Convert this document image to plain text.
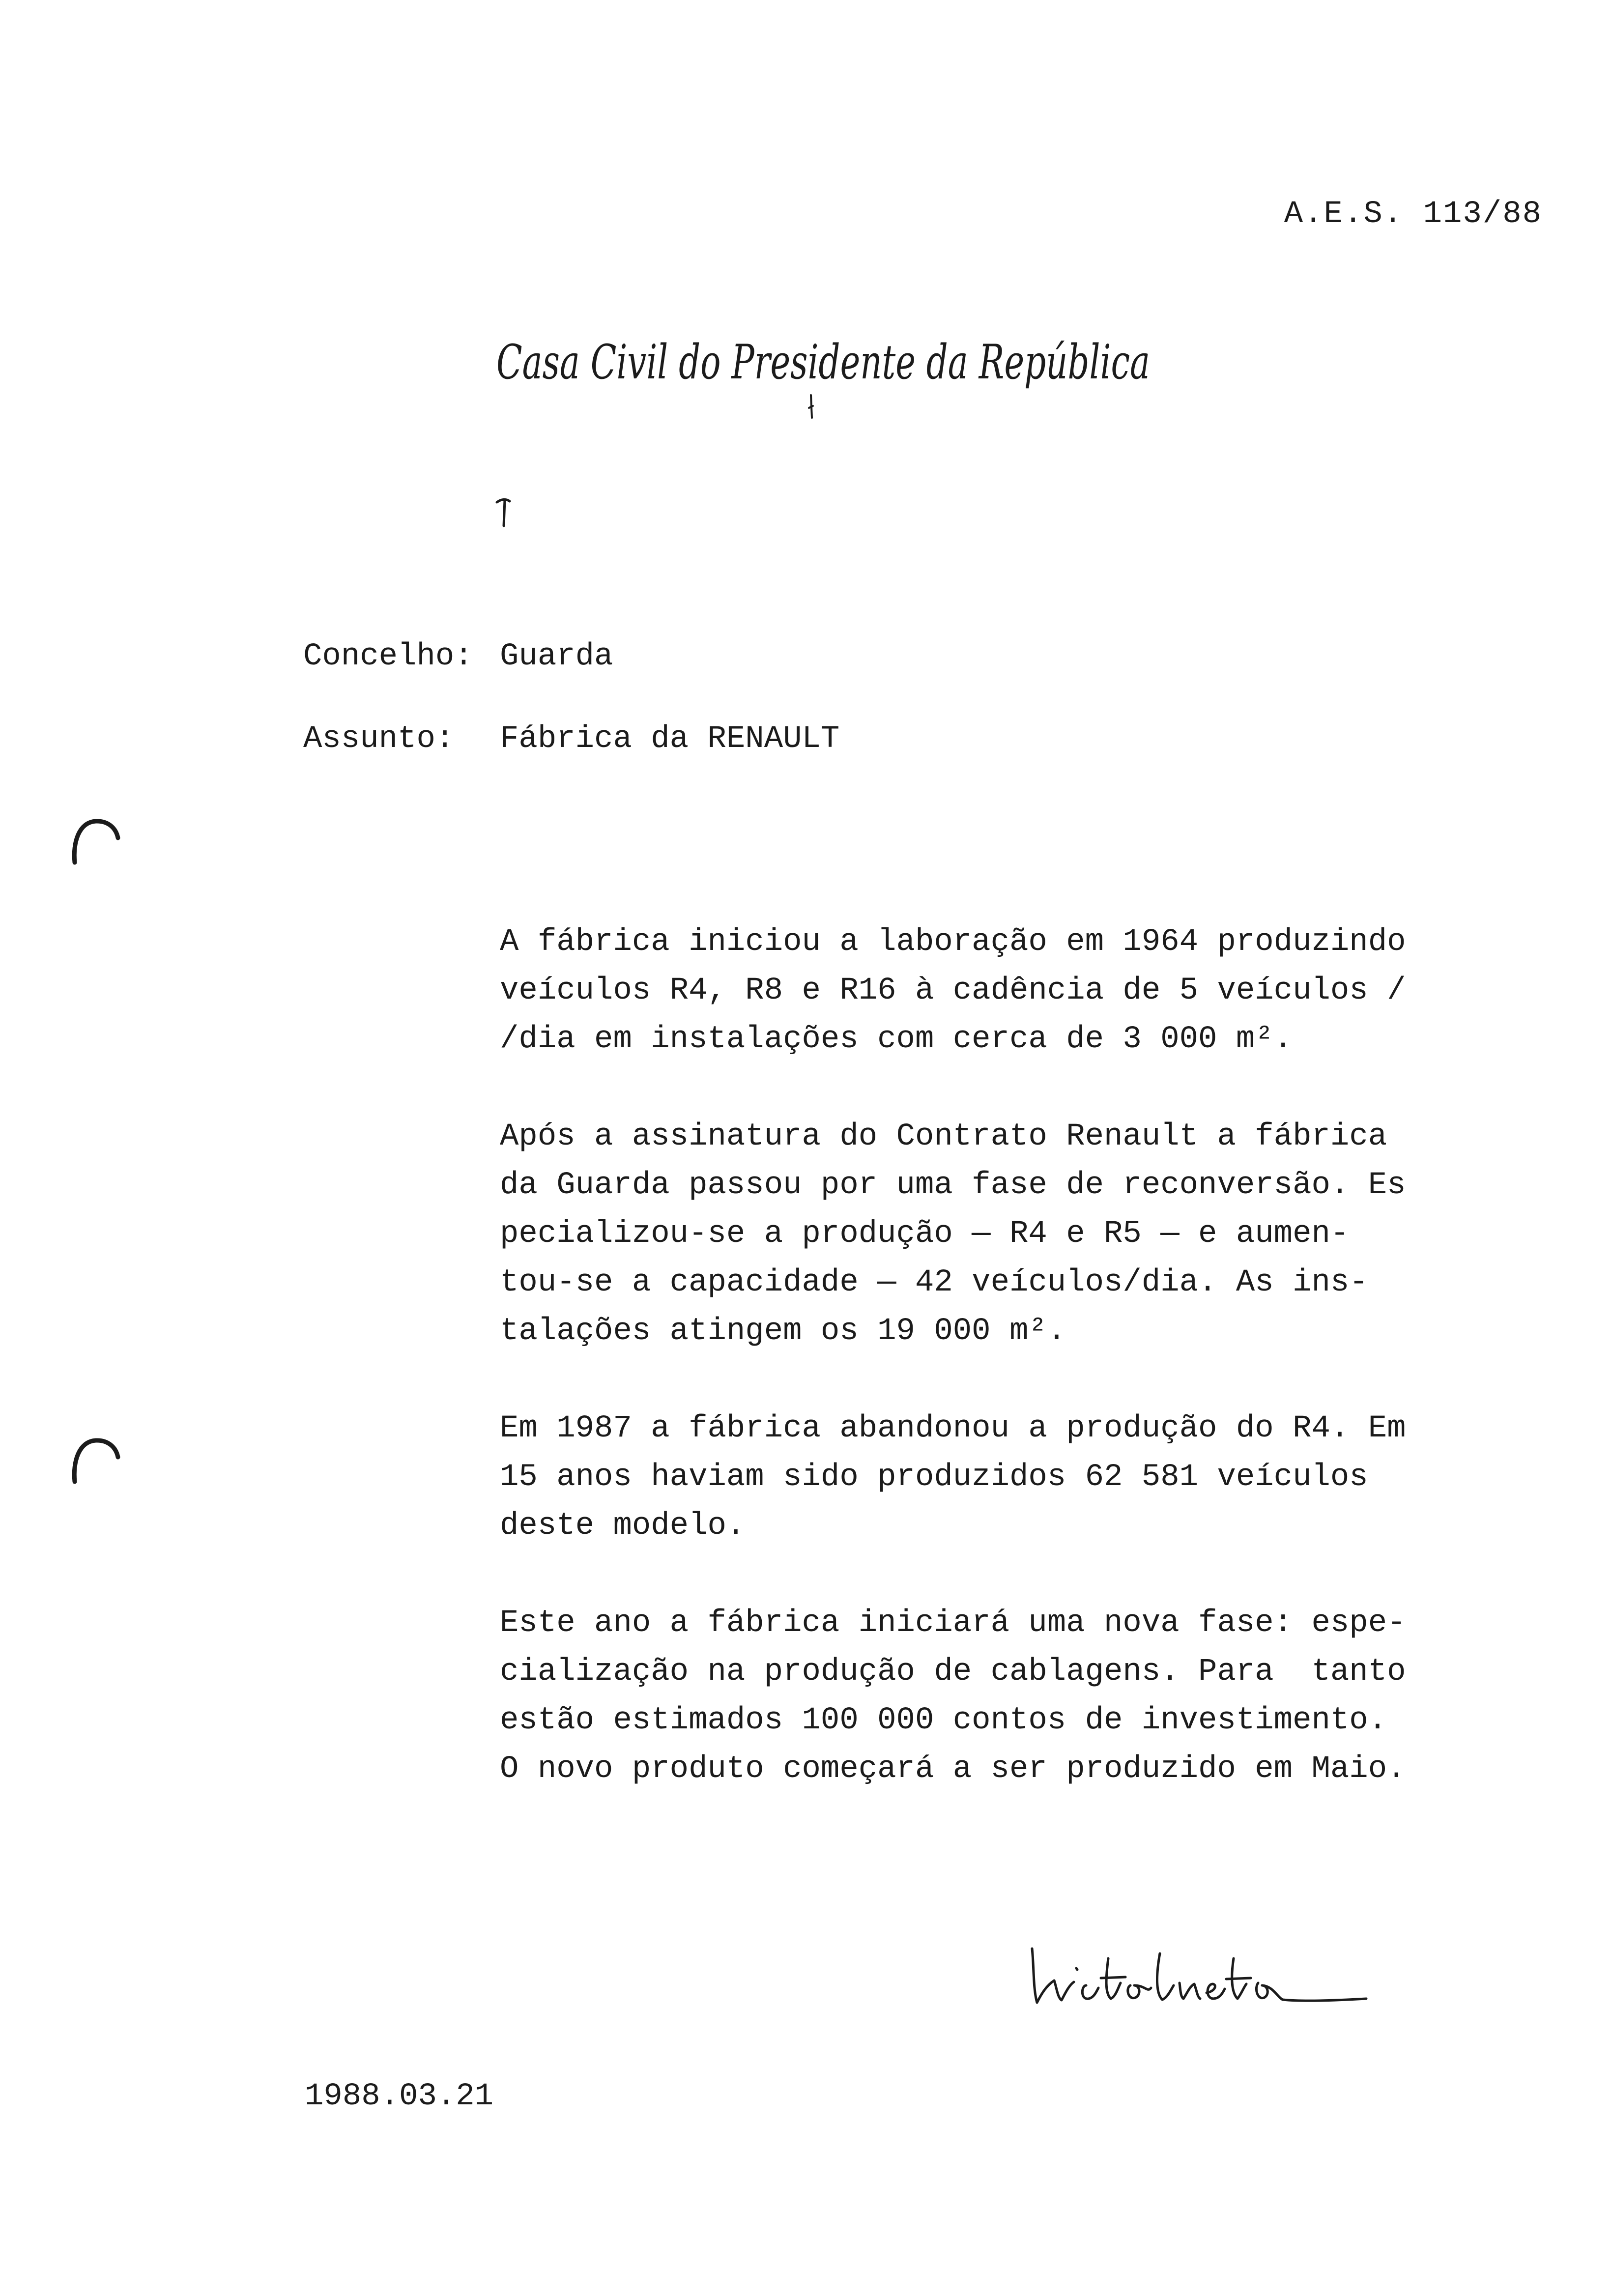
A.E.S. 113/88
Casa Civil do Presidente da República
Concelho: Guarda
Assunto: Fábrica da RENAULT
A fábrica iniciou a laboração em 1964 produzindo
veículos R4, R8 e R16 à cadência de 5 veículos /
/dia em instalações com cerca de 3 000 m².
Após a assinatura do Contrato Renault a fábrica
da Guarda passou por uma fase de reconversão. Es
pecializou-se a produção — R4 e R5 — e aumen-
tou-se a capacidade — 42 veículos/dia. As ins-
talações atingem os 19 000 m².
Em 1987 a fábrica abandonou a produção do R4. Em
15 anos haviam sido produzidos 62 581 veículos
deste modelo.
Este ano a fábrica iniciará uma nova fase: espe-
cialização na produção de cablagens. Para  tanto
estão estimados 100 000 contos de investimento.
O novo produto começará a ser produzido em Maio.
1988.03.21
